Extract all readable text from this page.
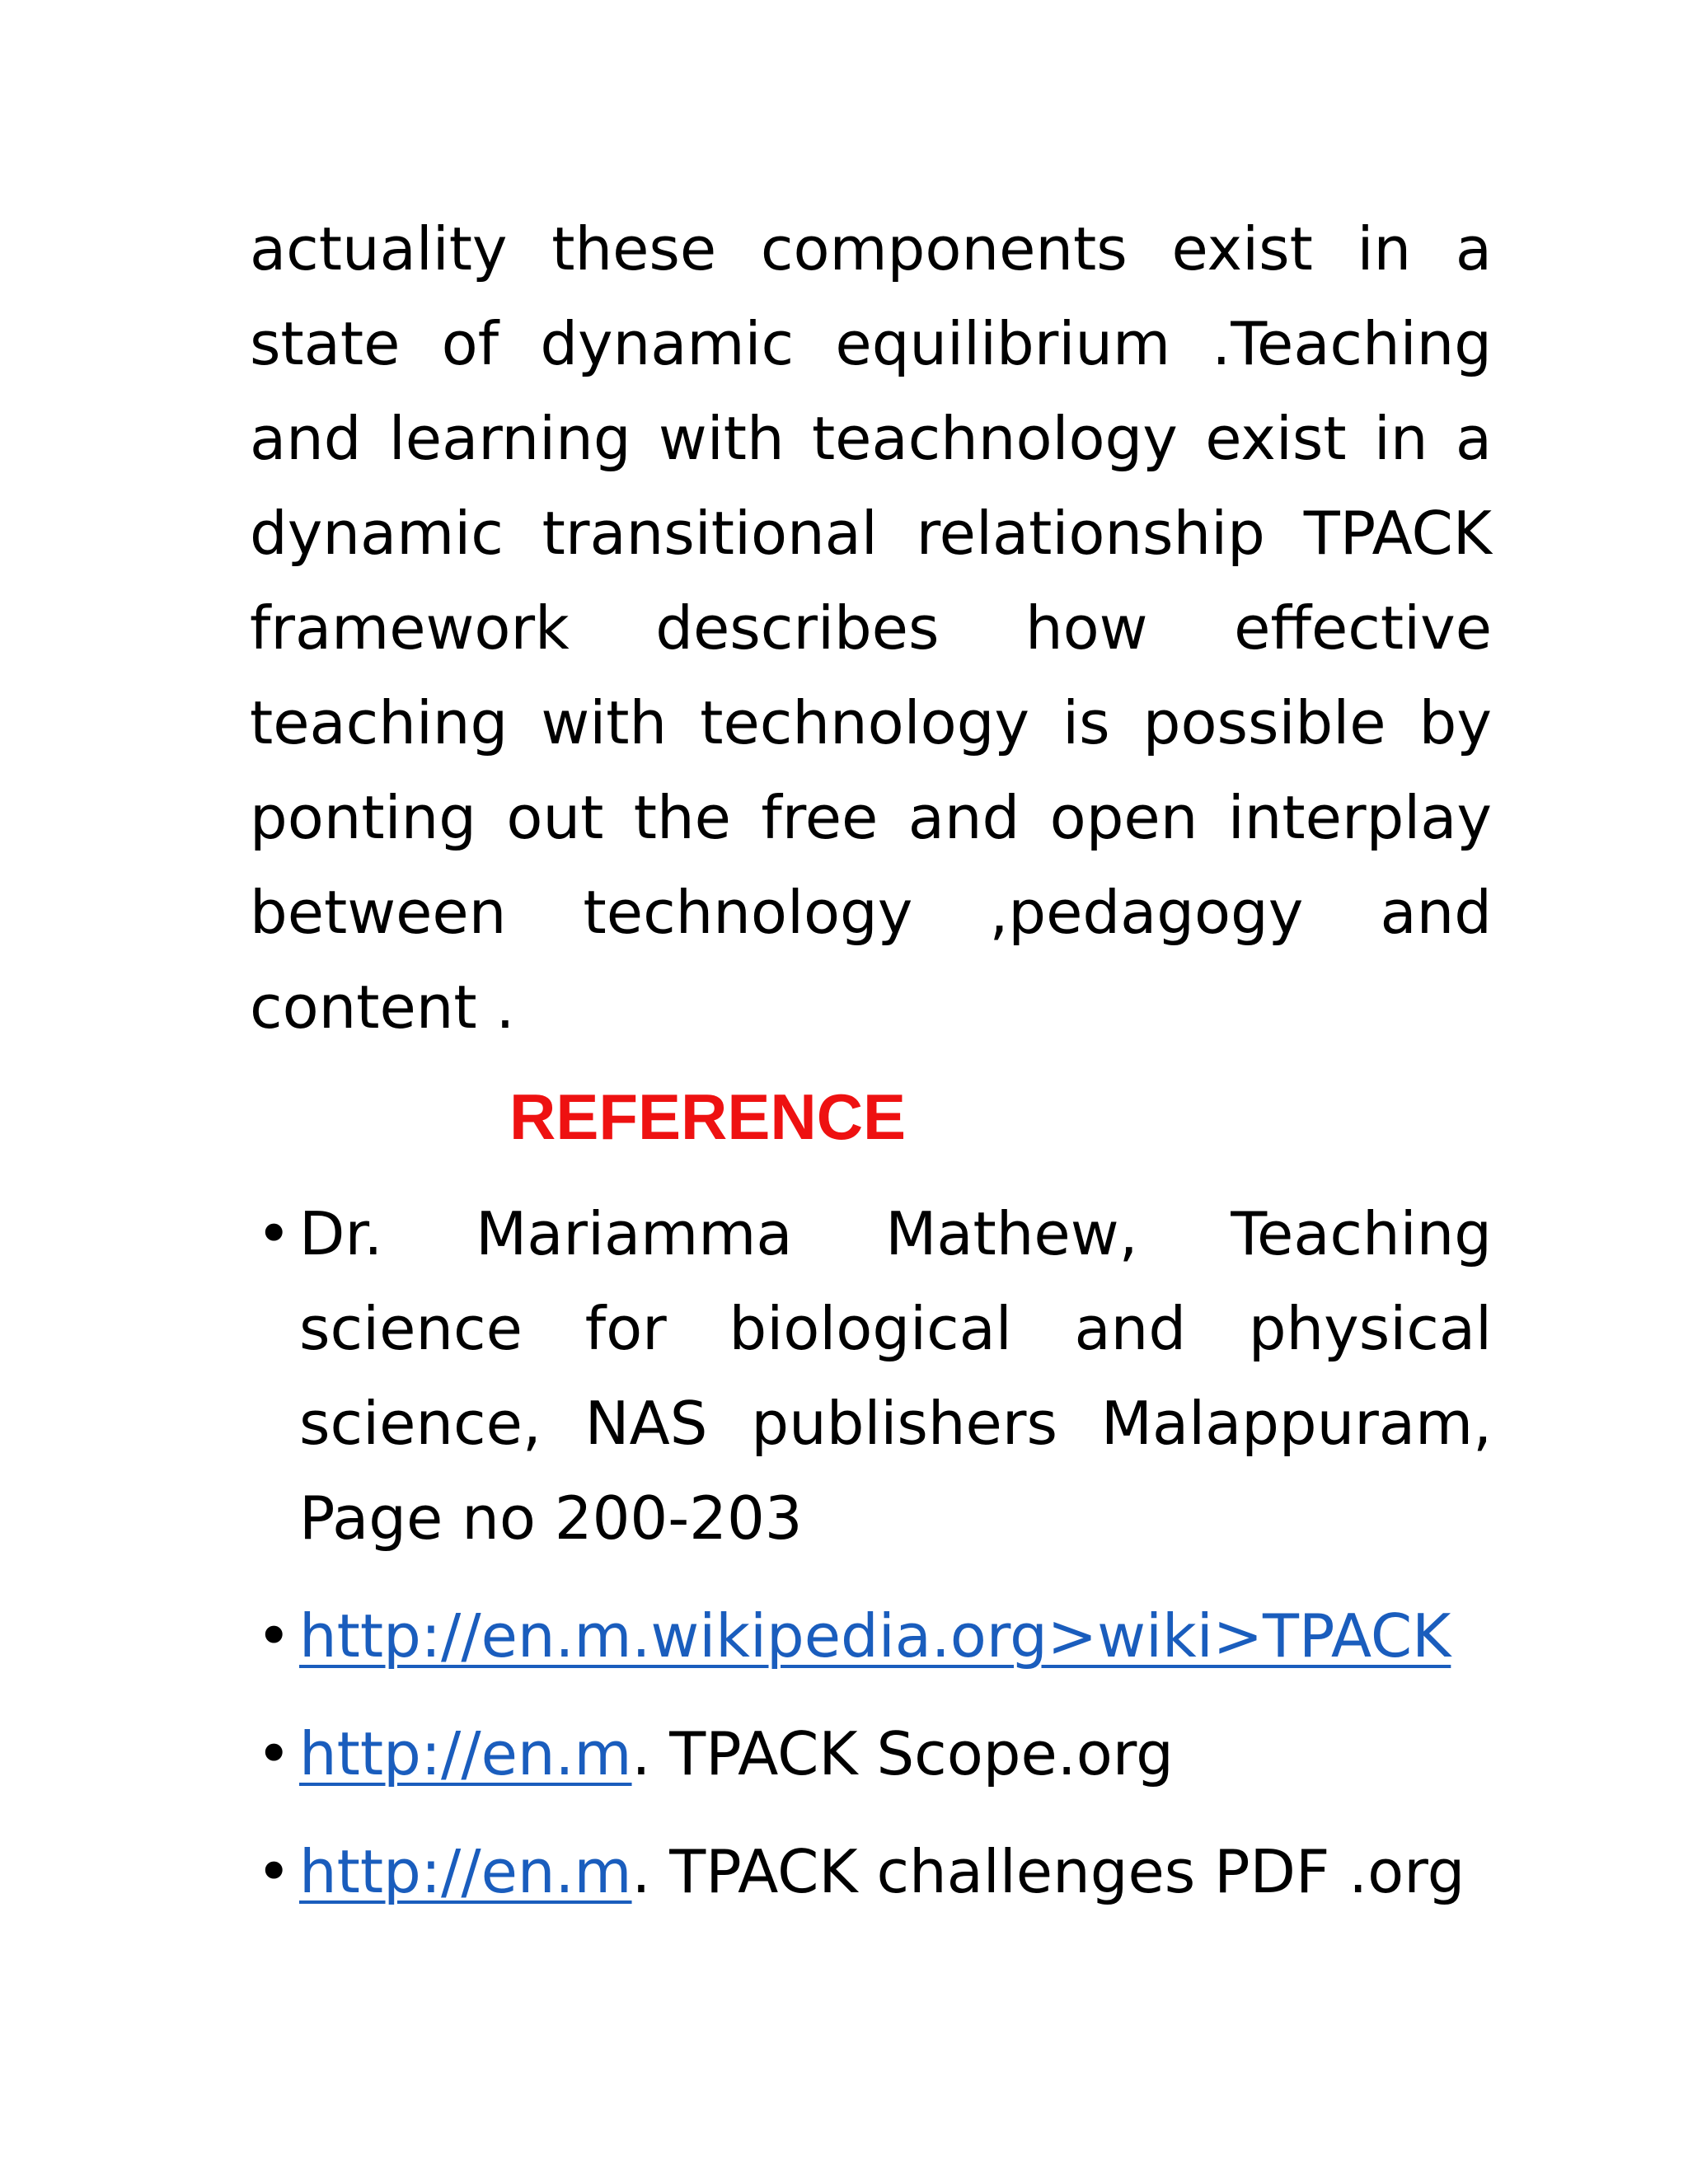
actuality these components exist in a state of dynamic equilibrium .Teaching and learning with teachnology exist in a dynamic transitional relationship TPACK framework describes how effective teaching with technology is possible by ponting out the free and open interplay between technology ,pedagogy and content .

REFERENCE
• Dr. Mariamma Mathew, Teaching science for biological and physical science, NAS publishers Malappuram, Page no 200-203
• http://en.m.wikipedia.org>wiki>TPACK
• http://en.m. TPACK Scope.org
• http://en.m. TPACK challenges PDF .org
